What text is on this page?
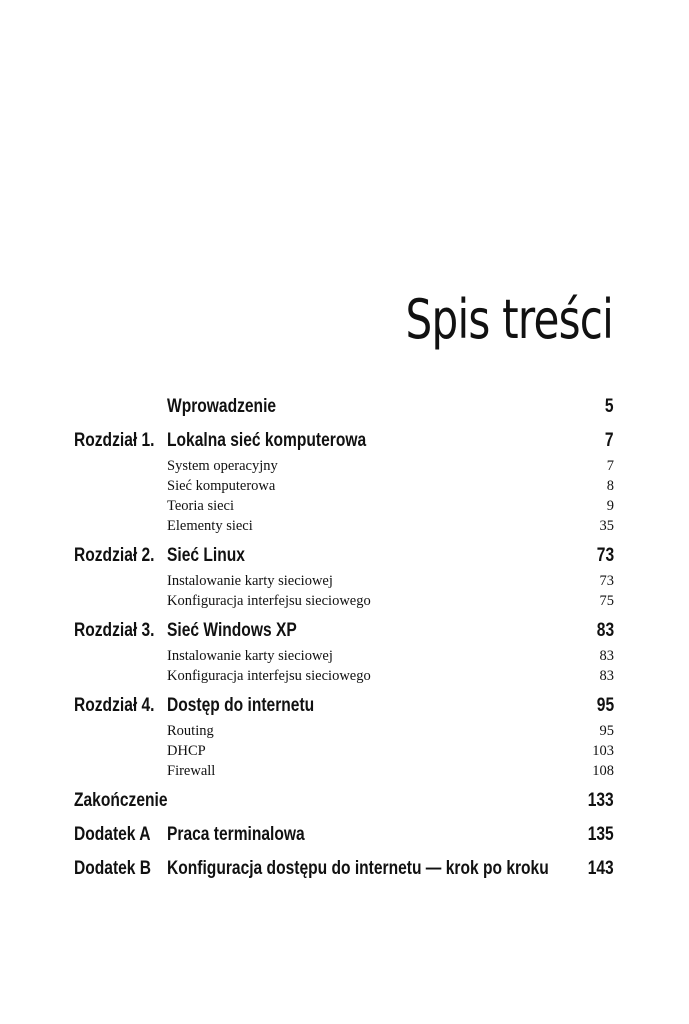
Spis treści
Wprowadzenie	5
Rozdział 1. Lokalna sieć komputerowa	7
System operacyjny	7
Sieć komputerowa	8
Teoria sieci	9
Elementy sieci	35
Rozdział 2. Sieć Linux	73
Instalowanie karty sieciowej	73
Konfiguracja interfejsu sieciowego	75
Rozdział 3. Sieć Windows XP	83
Instalowanie karty sieciowej	83
Konfiguracja interfejsu sieciowego	83
Rozdział 4. Dostęp do internetu	95
Routing	95
DHCP	103
Firewall	108
Zakończenie	133
Dodatek A Praca terminalowa	135
Dodatek B Konfiguracja dostępu do internetu — krok po kroku 143
